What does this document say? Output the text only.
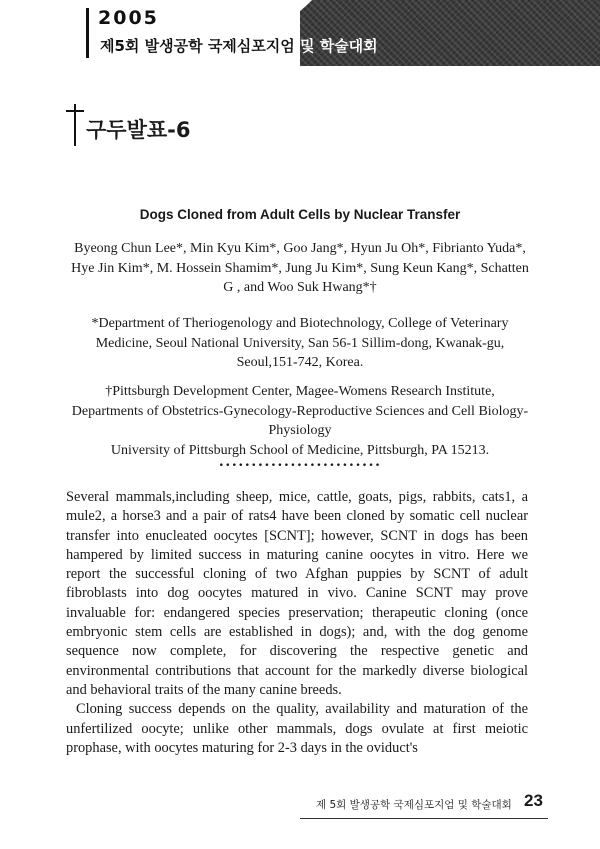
2005
제5회 발생공학 국제심포지엄 및 학술대회
구두발표-6
Dogs Cloned from Adult Cells by Nuclear Transfer
Byeong Chun Lee*, Min Kyu Kim*, Goo Jang*, Hyun Ju Oh*, Fibrianto Yuda*, Hye Jin Kim*, M. Hossein Shamim*, Jung Ju Kim*, Sung Keun Kang*, Schatten G , and Woo Suk Hwang*†
*Department of Theriogenology and Biotechnology, College of Veterinary Medicine, Seoul National University, San 56-1 Sillim-dong, Kwanak-gu, Seoul,151-742, Korea.
†Pittsburgh Development Center, Magee-Womens Research Institute,
Departments of Obstetrics-Gynecology-Reproductive Sciences and Cell Biology-Physiology
University of Pittsburgh School of Medicine, Pittsburgh, PA 15213.
•••••••••••••••••••••••••

Several mammals,including sheep, mice, cattle, goats, pigs, rabbits, cats1, a mule2, a horse3 and a pair of rats4 have been cloned by somatic cell nuclear transfer into enucleated oocytes [SCNT]; however, SCNT in dogs has been hampered by limited success in maturing canine oocytes in vitro. Here we report the successful cloning of two Afghan puppies by SCNT of adult fibroblasts into dog oocytes matured in vivo. Canine SCNT may prove invaluable for: endangered species preservation; therapeutic cloning (once embryonic stem cells are established in dogs); and, with the dog genome sequence now complete, for discovering the respective genetic and environmental contributions that account for the markedly diverse biological and behavioral traits of the many canine breeds.

Cloning success depends on the quality, availability and maturation of the unfertilized oocyte; unlike other mammals, dogs ovulate at first meiotic prophase, with oocytes maturing for 2-3 days in the oviduct's

제 5회 발생공학 국제심포지엄 및 학술대회 23
